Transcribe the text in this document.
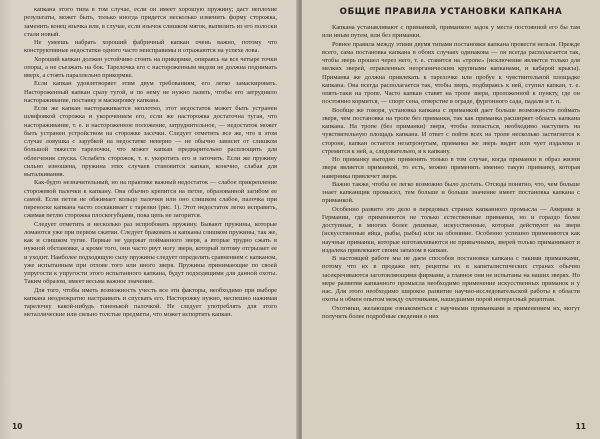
капкана этого типа в том случае, если он имеет хорошую пружину; даст неплохие результаты, может быть, только иногда придется несколько изменить форму сторожка, заменить конец язычка или, в случае, если язычок слишком мягок, выпилить из его полоски стали новый.

Не умеешь набрать хороший фабричный капкан очень важно, потому что конструктивные недостатки одного часто неисправимы и отражаются на успехе лова.

Хороший капкан должен устойчиво стоять на прикормке, опираясь на все четыре точки опоры, а не съезжать на бок. Тарелочка его с настороженным видом не должна поднимать вверх, а стоять параллельно прикормке.

Если капкан удовлетворяет этим двум требованиям, его легко замаскировать. Настороженный капкан сразу тугой, и по нему не нужно лазить, чтобы его затруднило настораживание, поставку и маскировку капкана.

Если же капкан настораживается неплотно, этот недостаток может быть устранен шлифовкой сторожка и укорочением его, если же насторожка достаточна тугая, что настораживание, т. е. и настороженное положение, затруднительное, — недостаток может быть устранен устройством на сторожке засечки. Следует отметить все же, что в этом случае ловушка с зарубкой на недостатке неверно — не обычно зависит от слишком большой тяжести тарелочки, что может капкан предварительно расплющить для облегчения спуска. Ослабеть сторожок, т. е. укоротить его и заточить. Если же пружину сильно изношена, пружина этих случаев становится капкан, конечно, слабая для выталкивания.

Как-будто незначительный, но на практике важный недостаток — слабое прикрепление сторожевой палочки к капкану. Она обычно крепится на петле, образованной загибом ее самой. Если петля не обжимает кольцо палочки или оно слишком слабое, палочка при переноске капкана часто соскакивает с тарелки (рис. 1). Этот недостаток легко исправить, сжимая петлю сторожка плоскогубцами, пока цепь не загорится.

Следует отметить и несколько раз испробовать пружину. Бывают пружины, которые ломаются уже при первом сжатии. Следует браковать и капканы слишком пружины, так же, как и слишком тугие. Первые не удержат пойманного зверя, а вторые трудно сжать в нужной обстановке, а кроме того, они часто рвут ногу зверя, который потому отгрызает ее и уходит. Наиболее подходящую силу пружины следует определять сравнением с капканом, уже испытанным при отлове того или иного зверя. Пружины принимающие по своей упругости к упругости этого испытанного капкана, будут подходящими для данной охоты. Таким образом, имеет весьма важное значение.

Для того, чтобы иметь возможность учесть все эти факторы, необходимо при выборе капкана неоднократно настраивать и спускать его. Насторожку нужно, неспешно нажимая тарелочку какой-нибудь тоненькой палочкой. Не следует употреблять для этого металлические или сильно толстые предметы, что может испортить капкан.

10
ОБЩИЕ ПРАВИЛА УСТАНОВКИ КАПКАНА

Капкана устанавливают с приманкой, приманкою задок у места постоянной его бы там или иным путем, или без приманки.

Ровнее правила между этими двумя типами постановки капкана провести нельзя. Прежде всего, сама постановка капкана в обоих случаях одинакова — он всегда располагается так, чтобы зверь прошел через него, т. е. ставится на «тропе» (исключение является только для мелких зверей, отравленных неорганическим крупными капканами, и кабарой крысы). Приманка же должна привлекать к тарелочке или пробуе к чувствительной площадке капкана. Она всегда располагается так, чтобы зверь, подбираясь к ней, ступил капкан, т. е. опять-таки на тропе. Часто капкан ставят на тропе зверя, проложенной к пункту, где он постоянно кормится, — спорт сена, отверстие в ограде, фургонного сада, падали и т. п.

Вообще же говоря, установка капкана с приманкой дает больше возможности поймать зверя, чем постановка на тропе без приманки, так как приманка расширяет область капкана капкана. На тропе (без приманки) зверя, чтобы попасться, необходимо наступить на чувствительную площадь капкана. И ответ с пойти всех на тропе несколько застигнется к стороне, капкан остается незатронутым, приманка же зверь видит или чует издалека и стремится к ней, а, следовательно, и к капкану.

Но приманку выгодно применять только в том случае, когда приманки в образ жизни зверя является приманкой, то есть, можно применять именно такую приманку, которая наверника привлечет зверя.

Важно также, чтобы ее легко возможно было достать. Отсюда понятно, что, чем больше знает капканщик промысел, тем больше и больше значение имеет постановка капкана с приманкой.

Особенно развито это дело в передовых странах капканного промысла — Америке и Германии, где применяются не только естественные приманки, но и гораздо более доступные, в многих более дешевые, искусственные, которые действуют на зверя (искусственные яйца, рыбы, рыбы) или на обоняние. Особенно успешно применяются как научные приманки, которые изготавливаются не привычными, зверей только приманивают и издалека привлекают своим запахом в капкан.

В настоящей работе мы не даем способов постановки капкана с такими приманками, потому что их в продаже нет, рецепты их в капиталистических странах обычно засекречиваются заготовляющими фирмами, а главное они не испытаны на наших зверях. Но мере развития капканного промысла необходимо применение искусственных приманок и у нас. Для этого необходимо широкое развитие научно-исследовательской работы в области охоты и обмен опытом между охотниками, нашедшими порой интересный рецептам.

Охотники, желающие ознакомиться с научными приманками и применением их, могут получить более подробные сведения о них

11
